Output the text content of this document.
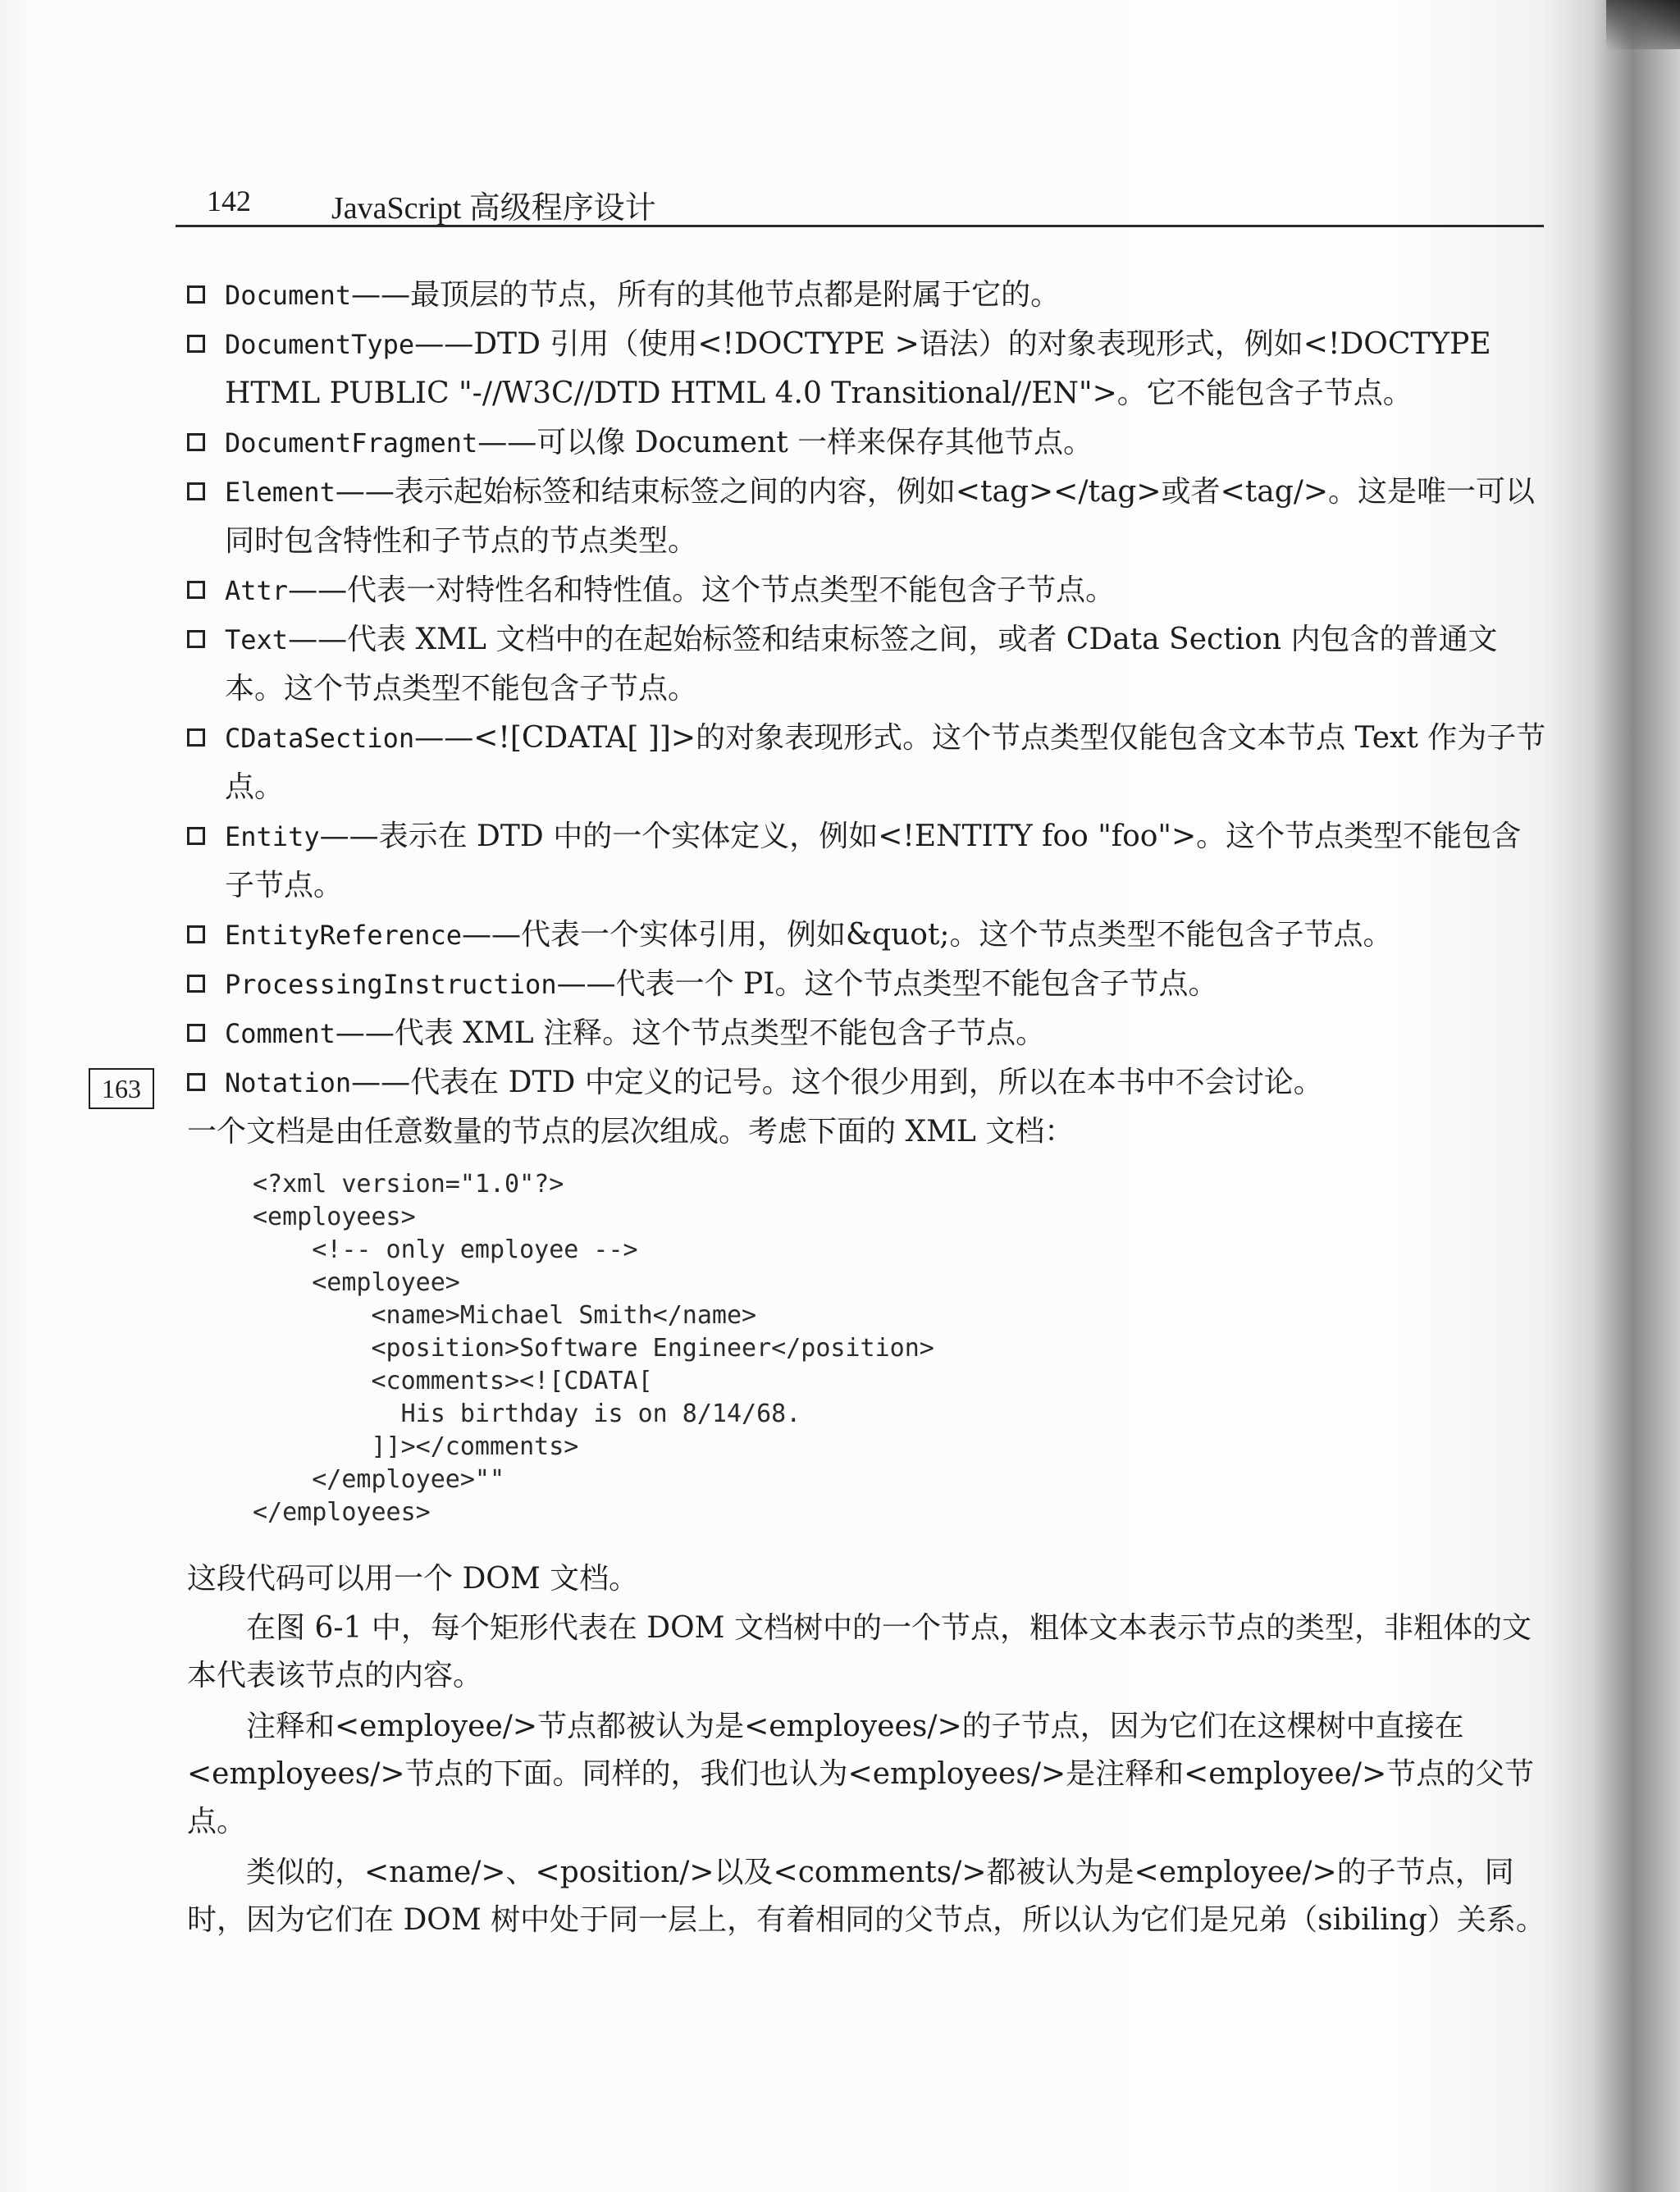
142	JavaScript 高级程序设计
163
Document——最顶层的节点，所有的其他节点都是附属于它的。
DocumentType——DTD 引用（使用<!DOCTYPE >语法）的对象表现形式，例如<!DOCTYPE HTML PUBLIC "-//W3C//DTD HTML 4.0 Transitional//EN">。它不能包含子节点。
DocumentFragment——可以像 Document 一样来保存其他节点。
Element——表示起始标签和结束标签之间的内容，例如<tag></tag>或者<tag/>。这是唯一可以同时包含特性和子节点的节点类型。
Attr——代表一对特性名和特性值。这个节点类型不能包含子节点。
Text——代表 XML 文档中的在起始标签和结束标签之间，或者 CData Section 内包含的普通文本。这个节点类型不能包含子节点。
CDataSection——<![CDATA[ ]]>的对象表现形式。这个节点类型仅能包含文本节点 Text 作为子节点。
Entity——表示在 DTD 中的一个实体定义，例如<!ENTITY foo "foo">。这个节点类型不能包含子节点。
EntityReference——代表一个实体引用，例如&quot;。这个节点类型不能包含子节点。
ProcessingInstruction——代表一个 PI。这个节点类型不能包含子节点。
Comment——代表 XML 注释。这个节点类型不能包含子节点。
Notation——代表在 DTD 中定义的记号。这个很少用到，所以在本书中不会讨论。
一个文档是由任意数量的节点的层次组成。考虑下面的 XML 文档：
<?xml version="1.0"?>
<employees>
<!-- only employee -->
<employee>
<name>Michael Smith</name>
<position>Software Engineer</position>
<comments><![CDATA[
His birthday is on 8/14/68.
]]></comments>
</employee>""
</employees>
这段代码可以用一个 DOM 文档。
　　在图 6-1 中，每个矩形代表在 DOM 文档树中的一个节点，粗体文本表示节点的类型，非粗体的文本代表该节点的内容。
　　注释和<employee/>节点都被认为是<employees/>的子节点，因为它们在这棵树中直接在<employees/>节点的下面。同样的，我们也认为<employees/>是注释和<employee/>节点的父节点。
　　类似的，<name/>、<position/>以及<comments/>都被认为是<employee/>的子节点，同时，因为它们在 DOM 树中处于同一层上，有着相同的父节点，所以认为它们是兄弟（sibiling）关系。
